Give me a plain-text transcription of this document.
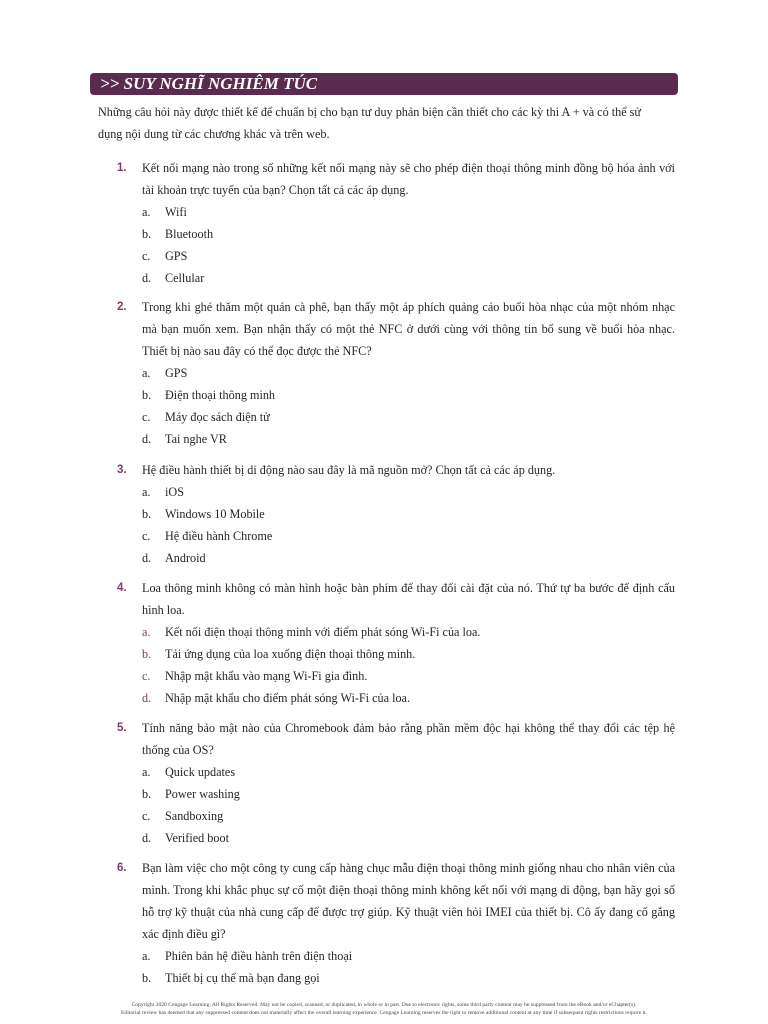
>> SUY NGHĨ NGHIÊM TÚC
Những câu hỏi này được thiết kế để chuẩn bị cho bạn tư duy phản biện cần thiết cho các kỳ thi A + và có thể sử dụng nội dung từ các chương khác và trên web.
1.	Kết nối mạng nào trong số những kết nối mạng này sẽ cho phép điện thoại thông minh đồng bộ hóa ảnh với tài khoản trực tuyến của bạn? Chọn tất cả các áp dụng.
a.	Wifi
b.	Bluetooth
c.	GPS
d.	Cellular
2.	Trong khi ghé thăm một quán cà phê, bạn thấy một áp phích quảng cáo buổi hòa nhạc của một nhóm nhạc mà bạn muốn xem. Bạn nhận thấy có một thẻ NFC ở dưới cùng với thông tin bổ sung về buổi hòa nhạc. Thiết bị nào sau đây có thể đọc được thẻ NFC?
a.	GPS
b.	Điện thoại thông minh
c.	Máy đọc sách điện tử
d.	Tai nghe VR
3.	Hệ điều hành thiết bị di động nào sau đây là mã nguồn mở? Chọn tất cả các áp dụng.
a.	iOS
b.	Windows 10 Mobile
c.	Hệ điều hành Chrome
d.	Android
4.	Loa thông minh không có màn hình hoặc bàn phím để thay đổi cài đặt của nó. Thứ tự ba bước để định cấu hình loa.
a.	Kết nối điện thoại thông minh với điểm phát sóng Wi-Fi của loa.
b.	Tải ứng dụng của loa xuống điện thoại thông minh.
c.	Nhập mật khẩu vào mạng Wi-Fi gia đình.
d.	Nhập mật khẩu cho điểm phát sóng Wi-Fi của loa.
5.	Tính năng bảo mật nào của Chromebook đảm bảo rằng phần mềm độc hại không thể thay đổi các tệp hệ thống của OS?
a.	Quick updates
b.	Power washing
c.	Sandboxing
d.	Verified boot
6.	Bạn làm việc cho một công ty cung cấp hàng chục mẫu điện thoại thông minh giống nhau cho nhân viên của mình. Trong khi khắc phục sự cố một điện thoại thông minh không kết nối với mạng di động, bạn hãy gọi số hỗ trợ kỹ thuật của nhà cung cấp để được trợ giúp. Kỹ thuật viên hỏi IMEI của thiết bị. Cô ấy đang cố gắng xác định điều gì?
a.	Phiên bản hệ điều hành trên điện thoại
b.	Thiết bị cụ thể mà bạn đang gọi
Copyright 2020 Cengage Learning. All Rights Reserved. May not be copied, scanned, or duplicated, in whole or in part. Due to electronic rights, some third party content may be suppressed from the eBook and/or eChapter(s).
Editorial review has deemed that any suppressed content does not materially affect the overall learning experience. Cengage Learning reserves the right to remove additional content at any time if subsequent rights restrictions require it.
